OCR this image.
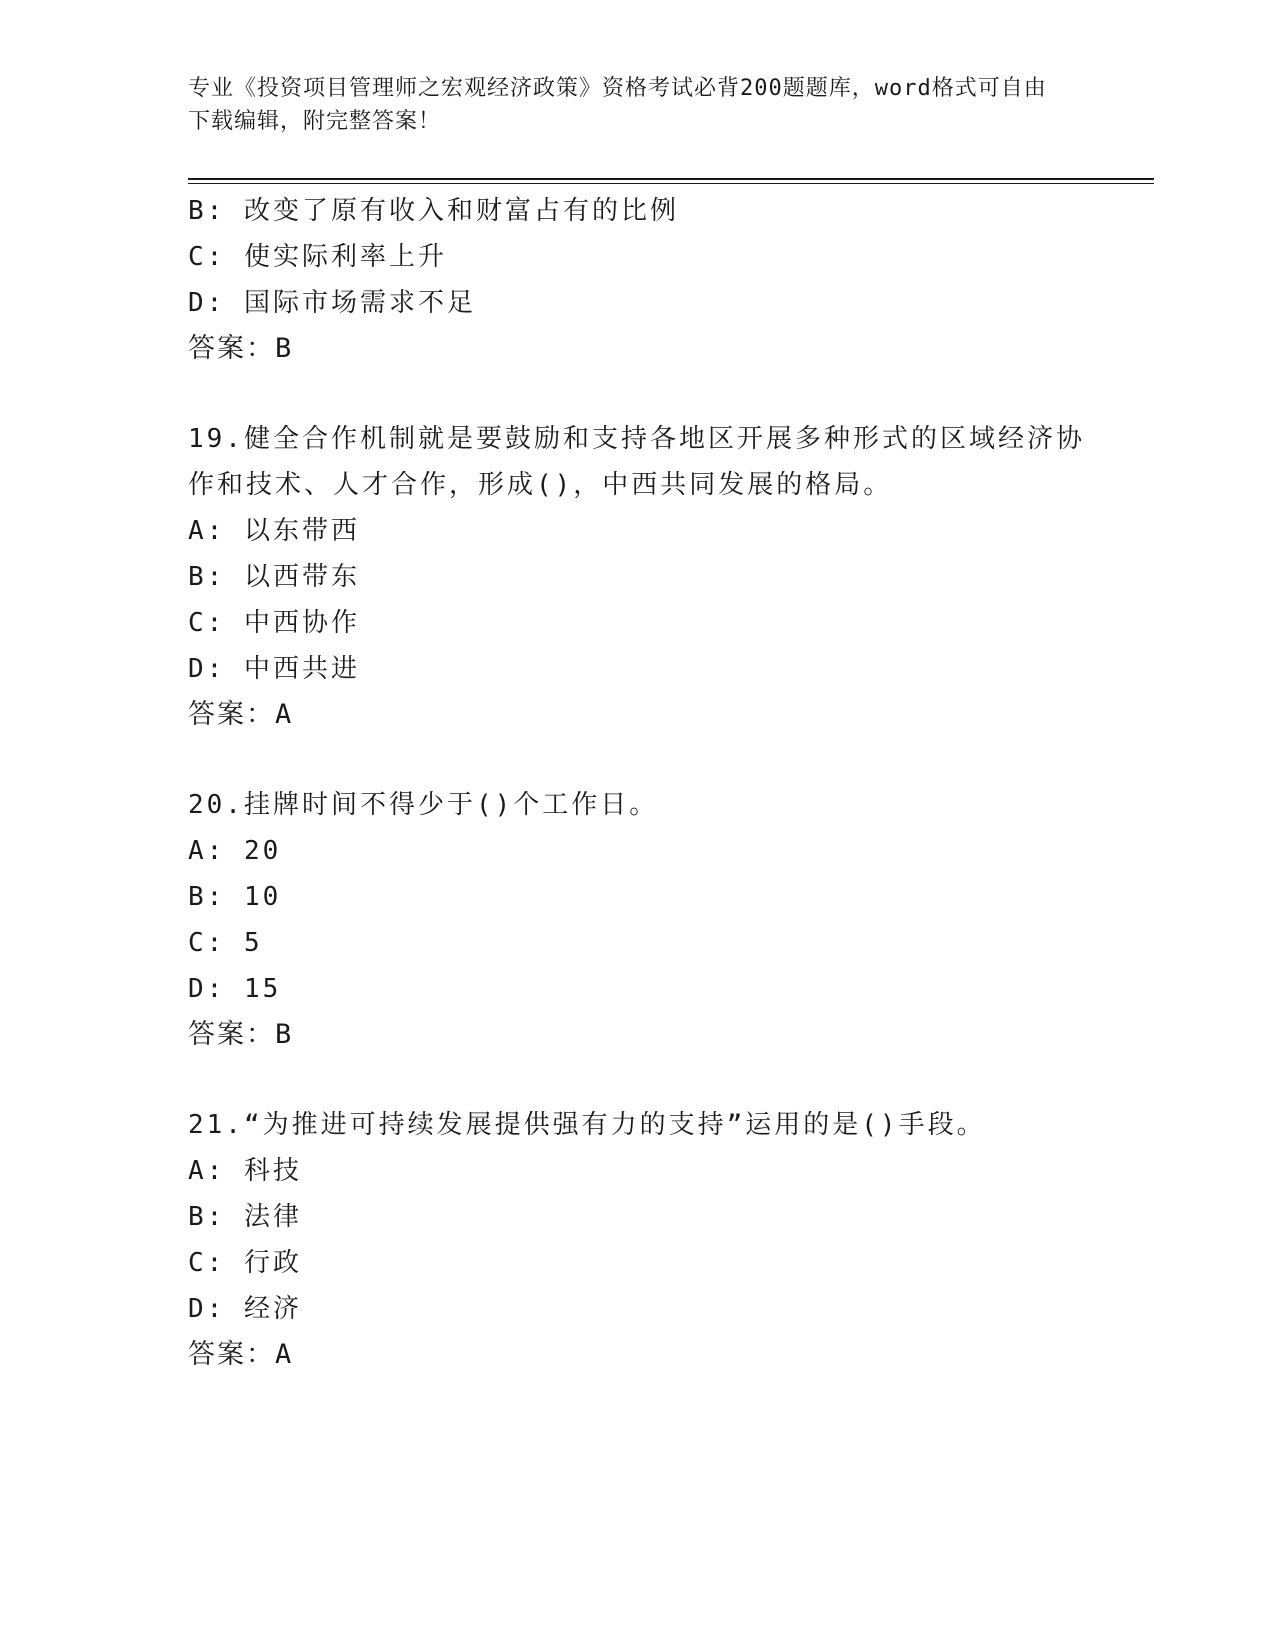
专业《投资项目管理师之宏观经济政策》资格考试必背200题题库，word格式可自由下载编辑，附完整答案！
B: 改变了原有收入和财富占有的比例
C: 使实际利率上升
D: 国际市场需求不足
答案：B
19.健全合作机制就是要鼓励和支持各地区开展多种形式的区域经济协作和技术、人才合作，形成()，中西共同发展的格局。
A: 以东带西
B: 以西带东
C: 中西协作
D: 中西共进
答案：A
20.挂牌时间不得少于()个工作日。
A: 20
B: 10
C: 5
D: 15
答案：B
21.“为推进可持续发展提供强有力的支持”运用的是()手段。
A: 科技
B: 法律
C: 行政
D: 经济
答案：A
